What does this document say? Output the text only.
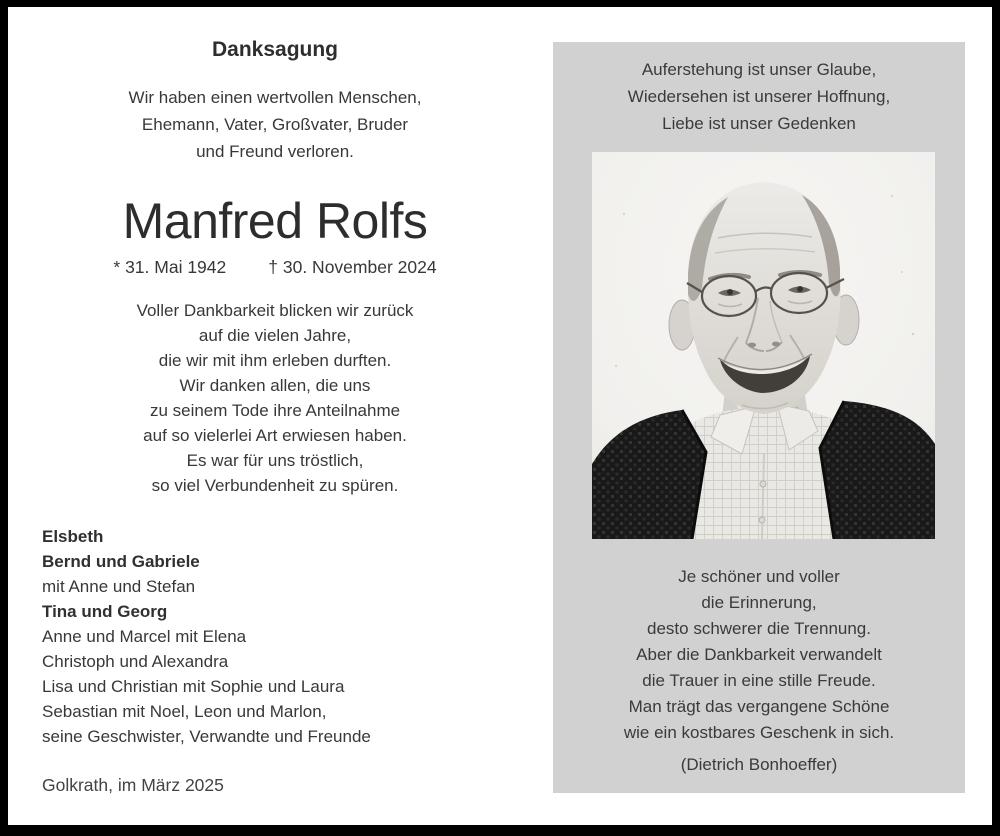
Danksagung
Wir haben einen wertvollen Menschen,
Ehemann, Vater, Großvater, Bruder
und Freund verloren.
Manfred Rolfs
* 31. Mai 1942 † 30. November 2024
Voller Dankbarkeit blicken wir zurück
auf die vielen Jahre,
die wir mit ihm erleben durften.
Wir danken allen, die uns
zu seinem Tode ihre Anteilnahme
auf so vielerlei Art erwiesen haben.
Es war für uns tröstlich,
so viel Verbundenheit zu spüren.
Elsbeth
Bernd und Gabriele
mit Anne und Stefan
Tina und Georg
Anne und Marcel mit Elena
Christoph und Alexandra
Lisa und Christian mit Sophie und Laura
Sebastian mit Noel, Leon und Marlon,
seine Geschwister, Verwandte und Freunde
Golkrath, im März 2025
Auferstehung ist unser Glaube,
Wiedersehen ist unserer Hoffnung,
Liebe ist unser Gedenken
Je schöner und voller
die Erinnerung,
desto schwerer die Trennung.
Aber die Dankbarkeit verwandelt
die Trauer in eine stille Freude.
Man trägt das vergangene Schöne
wie ein kostbares Geschenk in sich.
(Dietrich Bonhoeffer)
